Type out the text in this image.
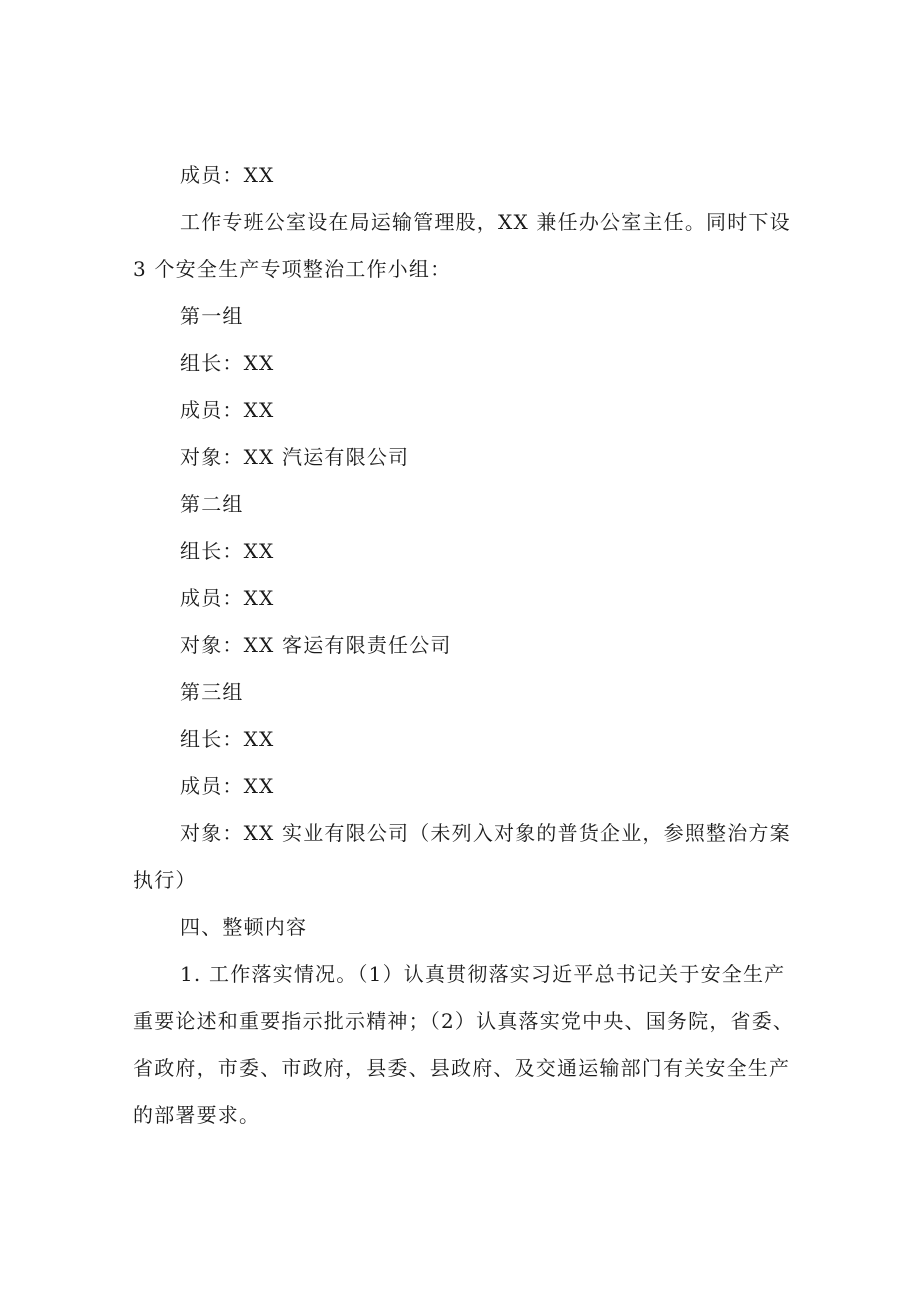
成员：XX

工作专班公室设在局运输管理股，XX 兼任办公室主任。同时下设 3 个安全生产专项整治工作小组：

第一组

组长：XX

成员：XX

对象：XX 汽运有限公司

第二组

组长：XX

成员：XX

对象：XX 客运有限责任公司

第三组

组长：XX

成员：XX

对象：XX 实业有限公司（未列入对象的普货企业，参照整治方案执行）

四、整顿内容

1. 工作落实情况。（1）认真贯彻落实习近平总书记关于安全生产重要论述和重要指示批示精神；（2）认真落实党中央、国务院，省委、省政府，市委、市政府，县委、县政府、及交通运输部门有关安全生产的部署要求。
